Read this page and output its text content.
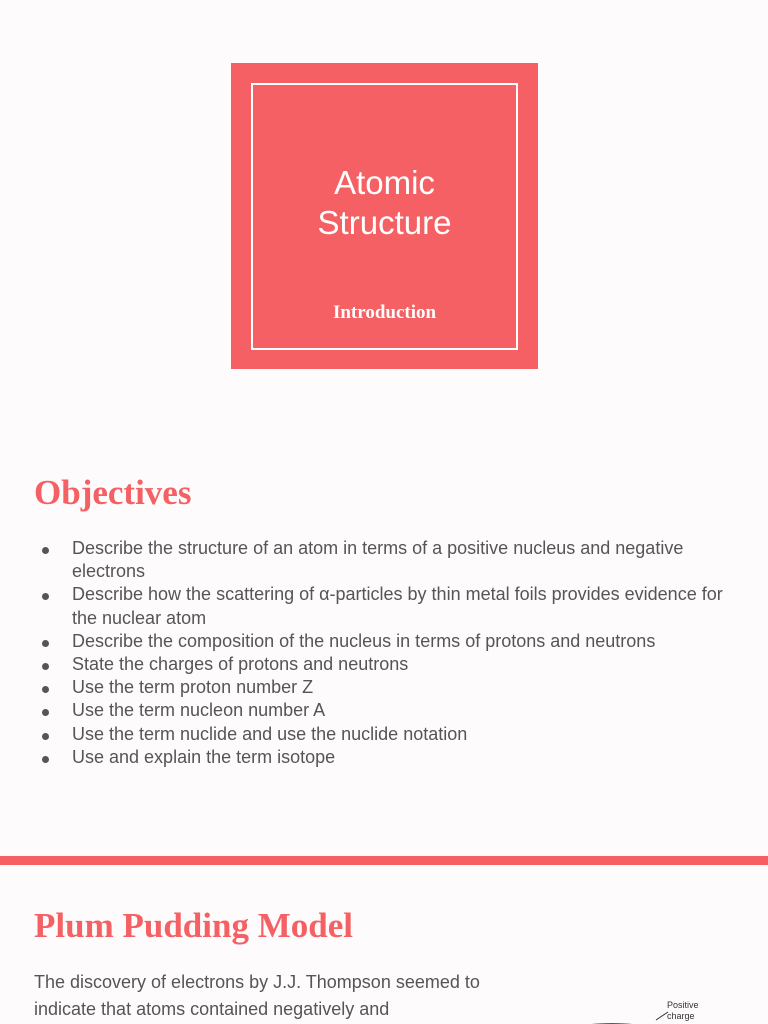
Atomic
Structure
Introduction
Objectives
Describe the structure of an atom in terms of a positive nucleus and negative electrons
Describe how the scattering of α-particles by thin metal foils provides evidence for the nuclear atom
Describe the composition of the nucleus in terms of protons and neutrons
State the charges of protons and neutrons
Use the term proton number Z
Use the term nucleon number A
Use the term nuclide and use the nuclide notation
Use and explain the term isotope
Plum Pudding Model

The discovery of electrons by J.J. Thompson seemed to indicate that atoms contained negatively and	Positive
charge
